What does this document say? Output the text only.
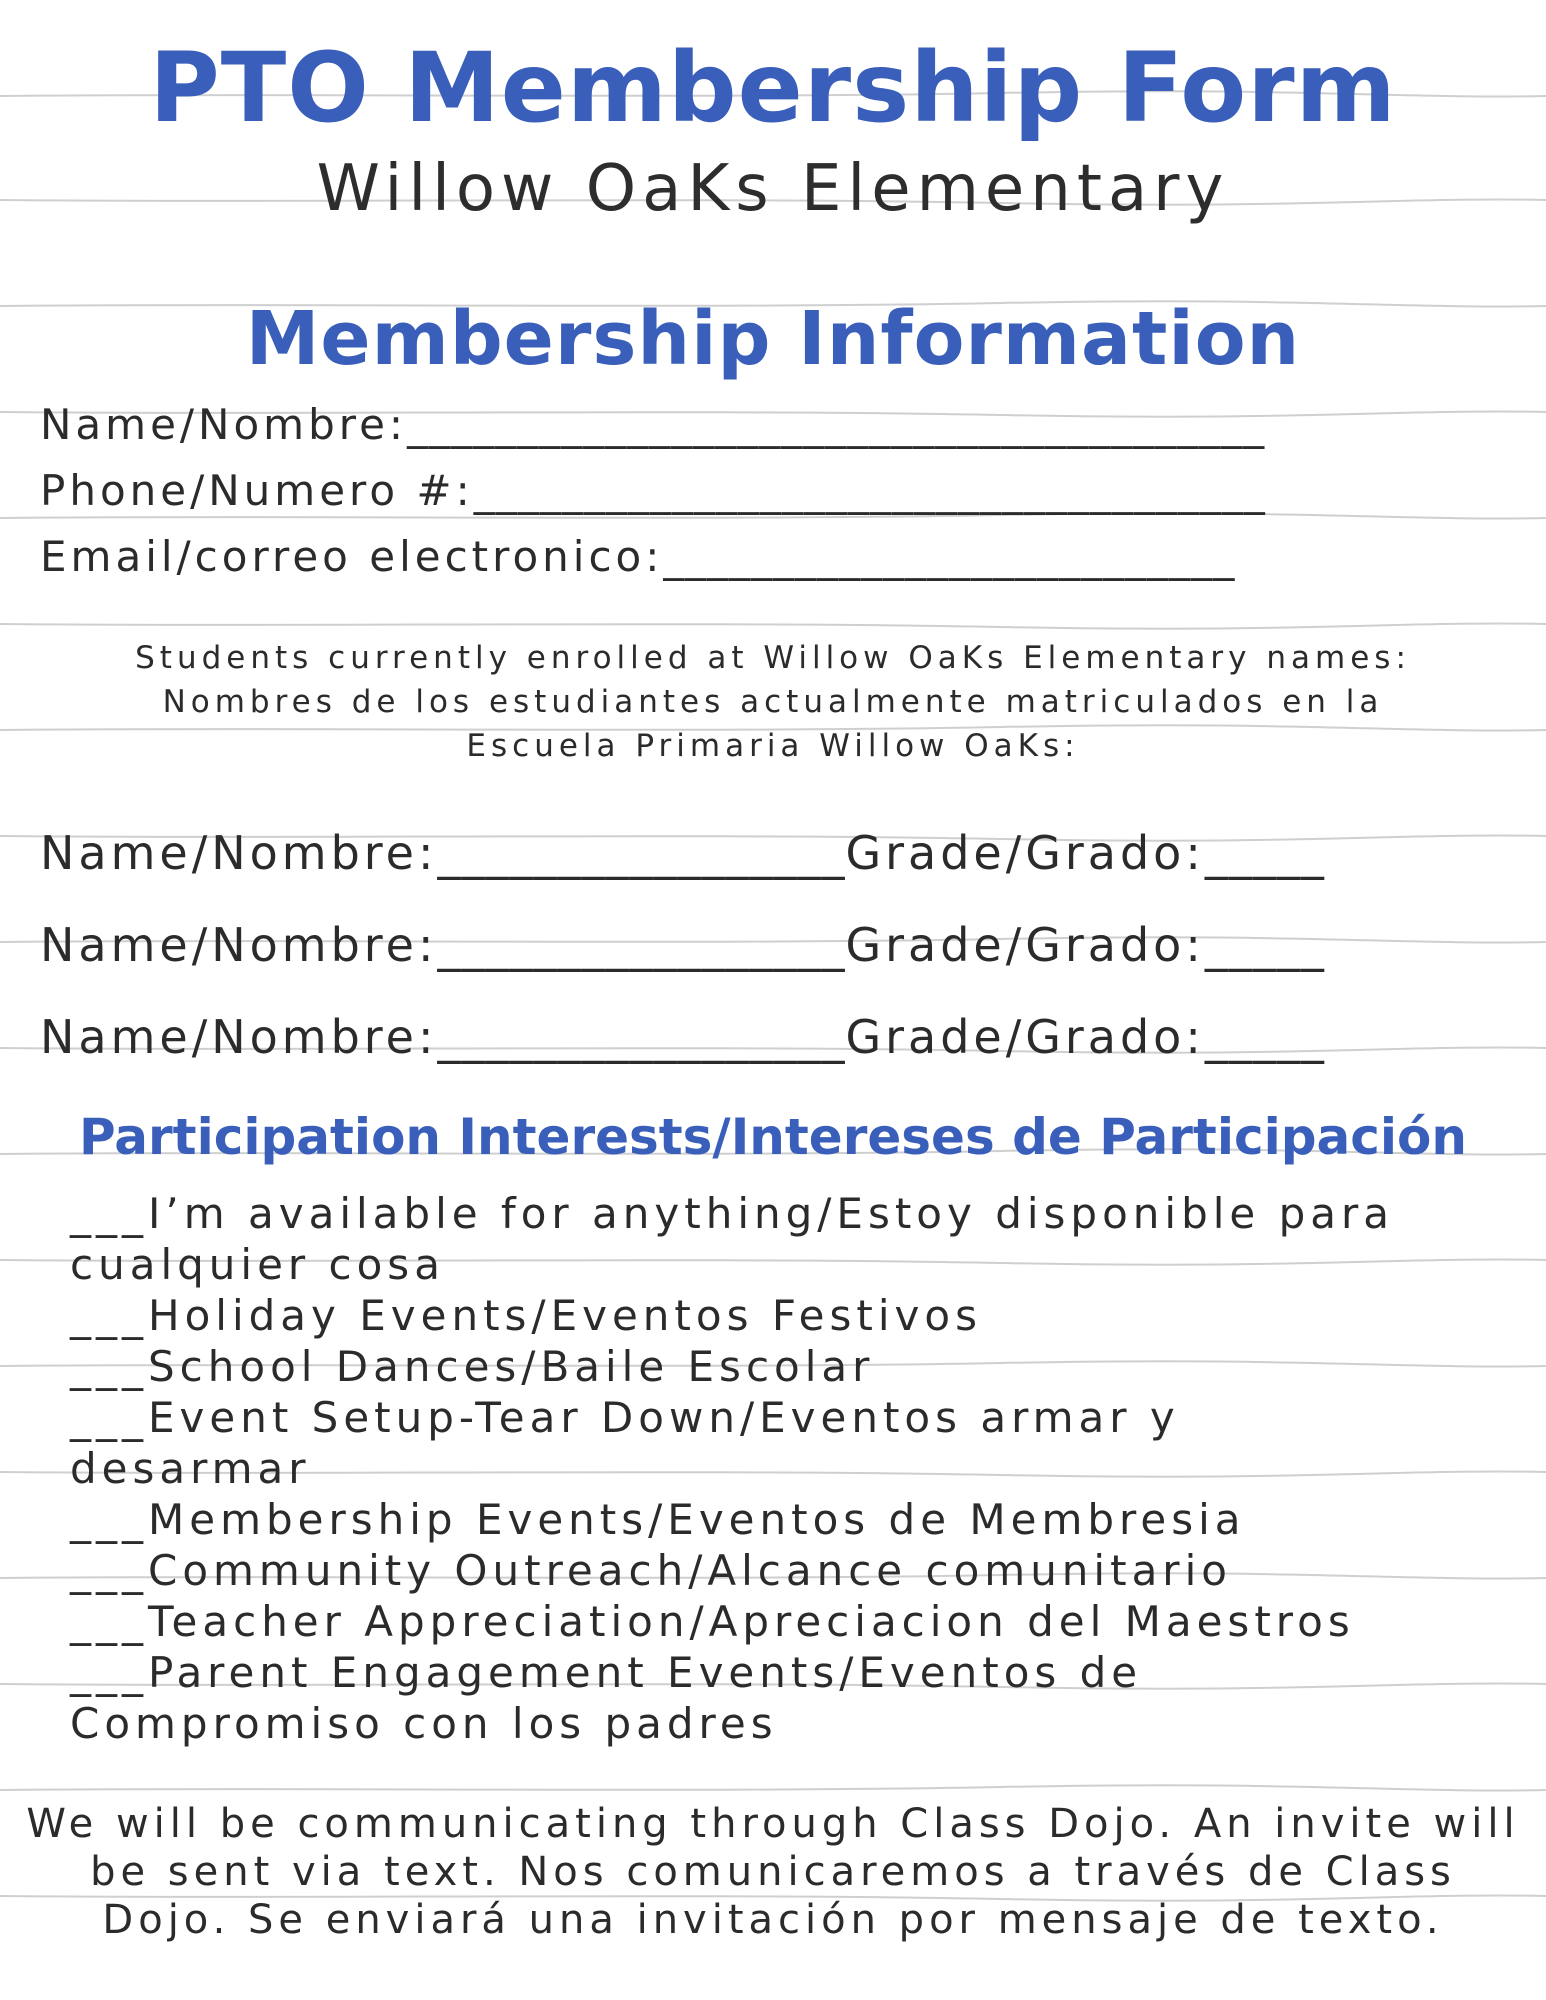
PTO Membership Form
Willow OaKs Elementary
Membership Information
Name/Nombre:_______________________________________
Phone/Numero #:____________________________________
Email/correo electronico:__________________________
Students currently enrolled at Willow OaKs Elementary names:
Nombres de los estudiantes actualmente matriculados en la
Escuela Primaria Willow OaKs:
Name/Nombre:_________________Grade/Grado:_____
Name/Nombre:_________________Grade/Grado:_____
Name/Nombre:_________________Grade/Grado:_____
Participation Interests/Intereses de Participación
___I’m available for anything/Estoy disponible para
cualquier cosa
___Holiday Events/Eventos Festivos
___School Dances/Baile Escolar
___Event Setup-Tear Down/Eventos armar y
desarmar
___Membership Events/Eventos de Membresia
___Community Outreach/Alcance comunitario
___Teacher Appreciation/Apreciacion del Maestros
___Parent Engagement Events/Eventos de
Compromiso con los padres
We will be communicating through Class Dojo. An invite will
be sent via text. Nos comunicaremos a través de Class
Dojo. Se enviará una invitación por mensaje de texto.
